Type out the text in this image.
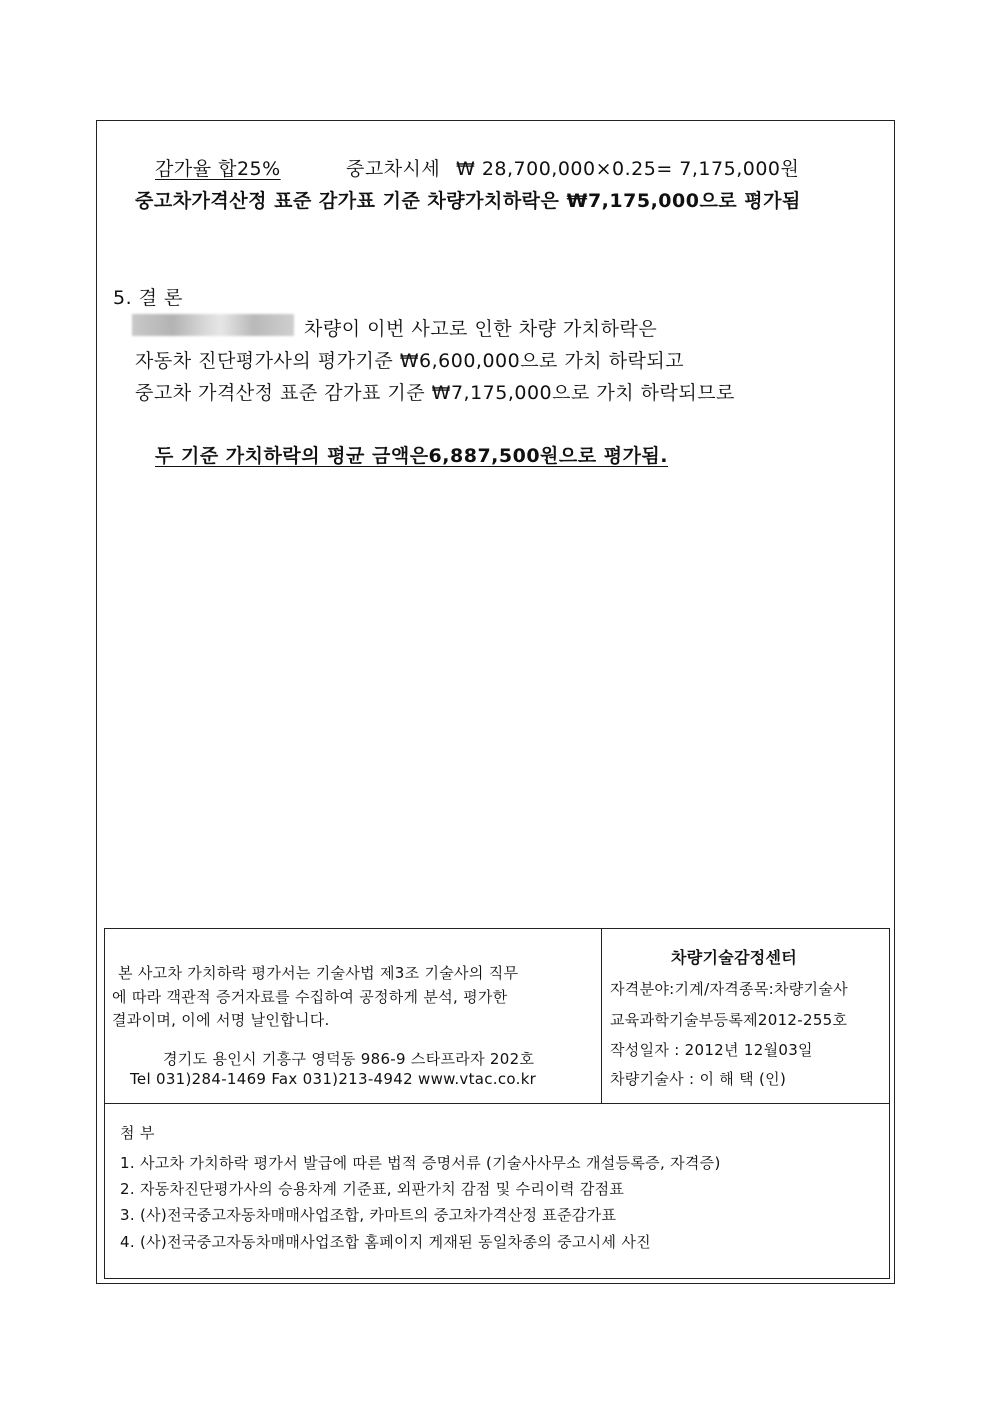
감가율 합25%	중고차시세 ₩ 28,700,000×0.25= 7,175,000원
중고차가격산정 표준 감가표 기준 차량가치하락은 ₩7,175,000으로 평가됨
5. 결 론
차량이 이번 사고로 인한 차량 가치하락은
자동차 진단평가사의 평가기준 ₩6,600,000으로 가치 하락되고
중고차 가격산정 표준 감가표 기준 ₩7,175,000으로 가치 하락되므로
두 기준 가치하락의 평균 금액은6,887,500원으로 평가됨.
본 사고차 가치하락 평가서는 기술사법 제3조 기술사의 직무
에 따라 객관적 증거자료를 수집하여 공정하게 분석, 평가한
결과이며, 이에 서명 날인합니다.
경기도 용인시 기흥구 영덕동 986-9 스타프라자 202호
Tel 031)284-1469 Fax 031)213-4942 www.vtac.co.kr
차량기술감정센터
자격분야:기계/자격종목:차량기술사
교육과학기술부등록제2012-255호
작성일자 : 2012년 12월03일
차량기술사 : 이 해 택 (인)
첨 부
1. 사고차 가치하락 평가서 발급에 따른 법적 증명서류 (기술사사무소 개설등록증, 자격증)
2. 자동차진단평가사의 승용차계 기준표, 외판가치 감점 및 수리이력 감점표
3. (사)전국중고자동차매매사업조합, 카마트의 중고차가격산정 표준감가표
4. (사)전국중고자동차매매사업조합 홈페이지 게재된 동일차종의 중고시세 사진
